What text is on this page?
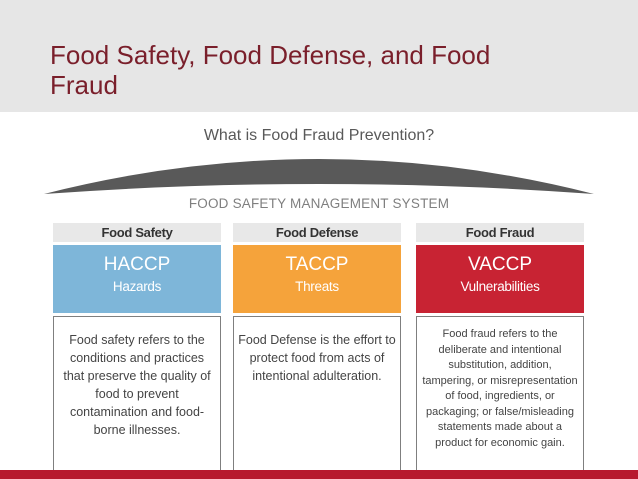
Food Safety, Food Defense, and Food
Fraud
What is Food Fraud Prevention?
FOOD SAFETY MANAGEMENT SYSTEM
Food Safety
HACCP
Hazards
Food safety refers to the conditions and practices that preserve the quality of food to prevent contamination and food-borne illnesses.
Food Defense
TACCP
Threats
Food Defense is the effort to protect food from acts of intentional adulteration.
Food Fraud
VACCP
Vulnerabilities
Food fraud refers to the deliberate and intentional substitution, addition, tampering, or misrepresentation of food, ingredients, or packaging; or false/misleading statements made about a product for economic gain.
